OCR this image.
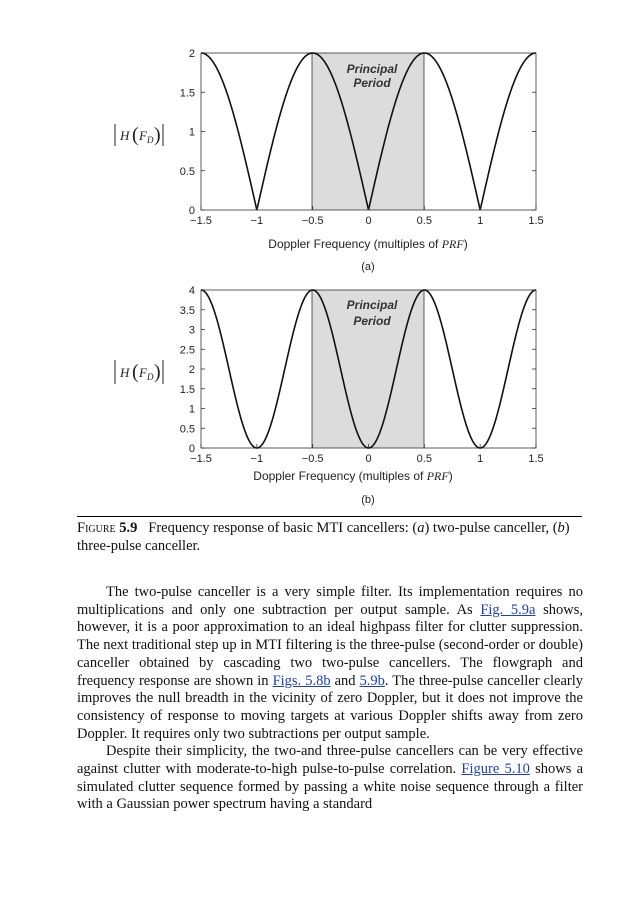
0
0.5
1
1.5
2
−1.5	−1	−0.5	0	0.5	1	1.5
Principal
Period
Doppler Frequency (multiples of PRF)
(a)
H ( F D )
0
0.5
1
1.5
2
2.5
3
3.5
4
−1.5	−1	−0.5	0	0.5	1	1.5
Principal
Period
Doppler Frequency (multiples of PRF)
(b)
H ( F D )
Figure 5.9 Frequency response of basic MTI cancellers: (a) two-pulse canceller, (b) three-pulse canceller.

The two-pulse canceller is a very simple filter. Its implementation requires no multiplications and only one subtraction per output sample. As Fig. 5.9a shows, however, it is a poor approximation to an ideal highpass filter for clutter suppression. The next traditional step up in MTI filtering is the three-pulse (second-order or double) canceller obtained by cascading two two-pulse cancellers. The flowgraph and frequency response are shown in Figs. 5.8b and 5.9b. The three-pulse canceller clearly improves the null breadth in the vicinity of zero Doppler, but it does not improve the consistency of response to moving targets at various Doppler shifts away from zero Doppler. It requires only two subtractions per output sample.

Despite their simplicity, the two-and three-pulse cancellers can be very effective against clutter with moderate-to-high pulse-to-pulse correlation. Figure 5.10 shows a simulated clutter sequence formed by passing a white noise sequence through a filter with a Gaussian power spectrum having a standard
